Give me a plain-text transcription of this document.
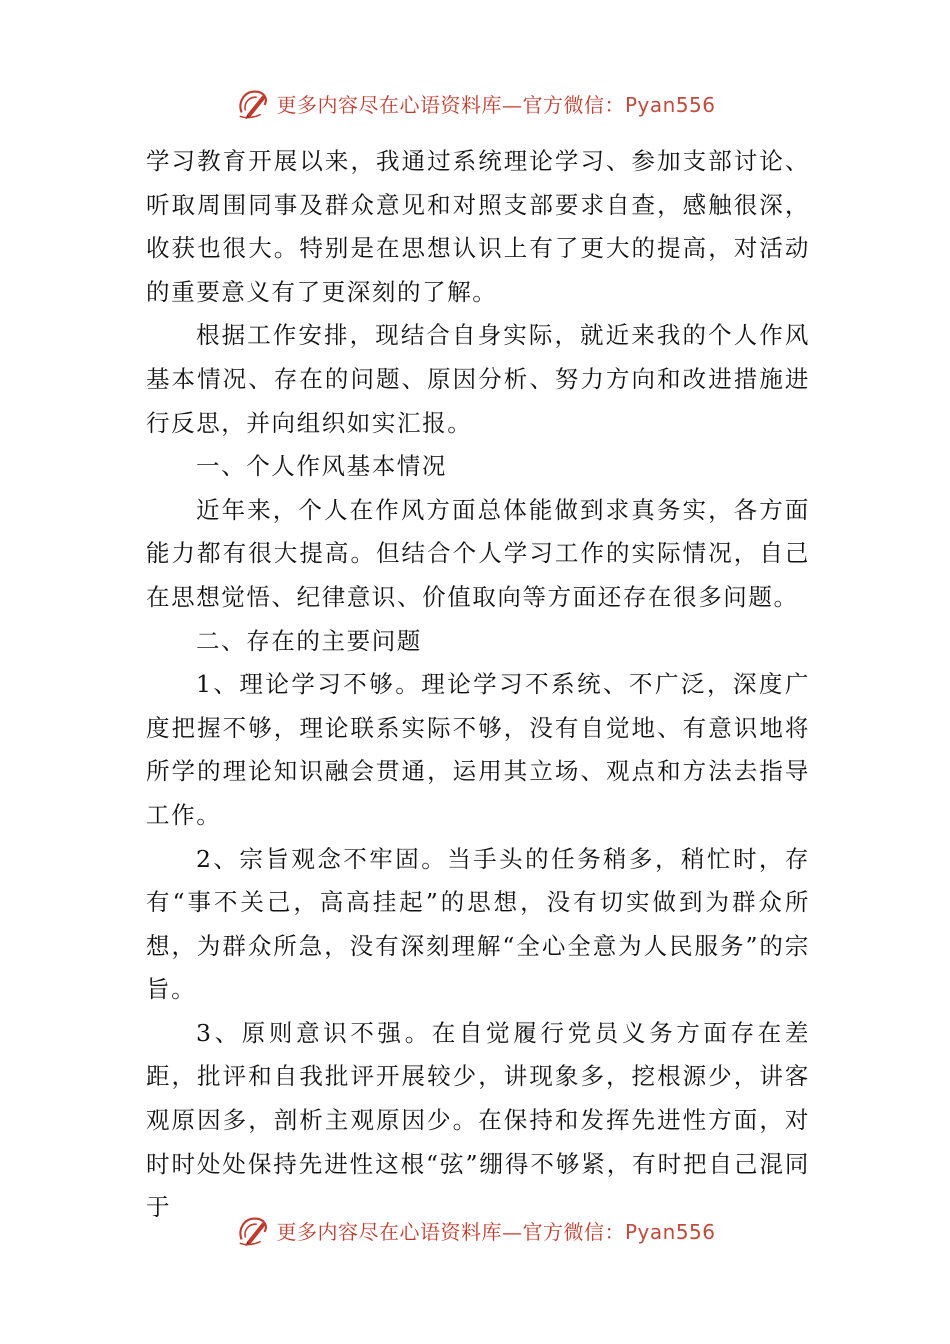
更多内容尽在心语资料库—官方微信：Pyan556

学习教育开展以来，我通过系统理论学习、参加支部讨论、听取周围同事及群众意见和对照支部要求自查，感触很深，收获也很大。特别是在思想认识上有了更大的提高，对活动的重要意义有了更深刻的了解。

根据工作安排，现结合自身实际，就近来我的个人作风基本情况、存在的问题、原因分析、努力方向和改进措施进行反思，并向组织如实汇报。

一、个人作风基本情况

近年来，个人在作风方面总体能做到求真务实，各方面能力都有很大提高。但结合个人学习工作的实际情况，自己在思想觉悟、纪律意识、价值取向等方面还存在很多问题。

二、存在的主要问题

1、理论学习不够。理论学习不系统、不广泛，深度广度把握不够，理论联系实际不够，没有自觉地、有意识地将所学的理论知识融会贯通，运用其立场、观点和方法去指导工作。

2、宗旨观念不牢固。当手头的任务稍多，稍忙时，存有“事不关己，高高挂起”的思想，没有切实做到为群众所想，为群众所急，没有深刻理解“全心全意为人民服务”的宗旨。

3、原则意识不强。在自觉履行党员义务方面存在差距，批评和自我批评开展较少，讲现象多，挖根源少，讲客观原因多，剖析主观原因少。在保持和发挥先进性方面，对时时处处保持先进性这根“弦”绷得不够紧，有时把自己混同于

更多内容尽在心语资料库—官方微信：Pyan556
